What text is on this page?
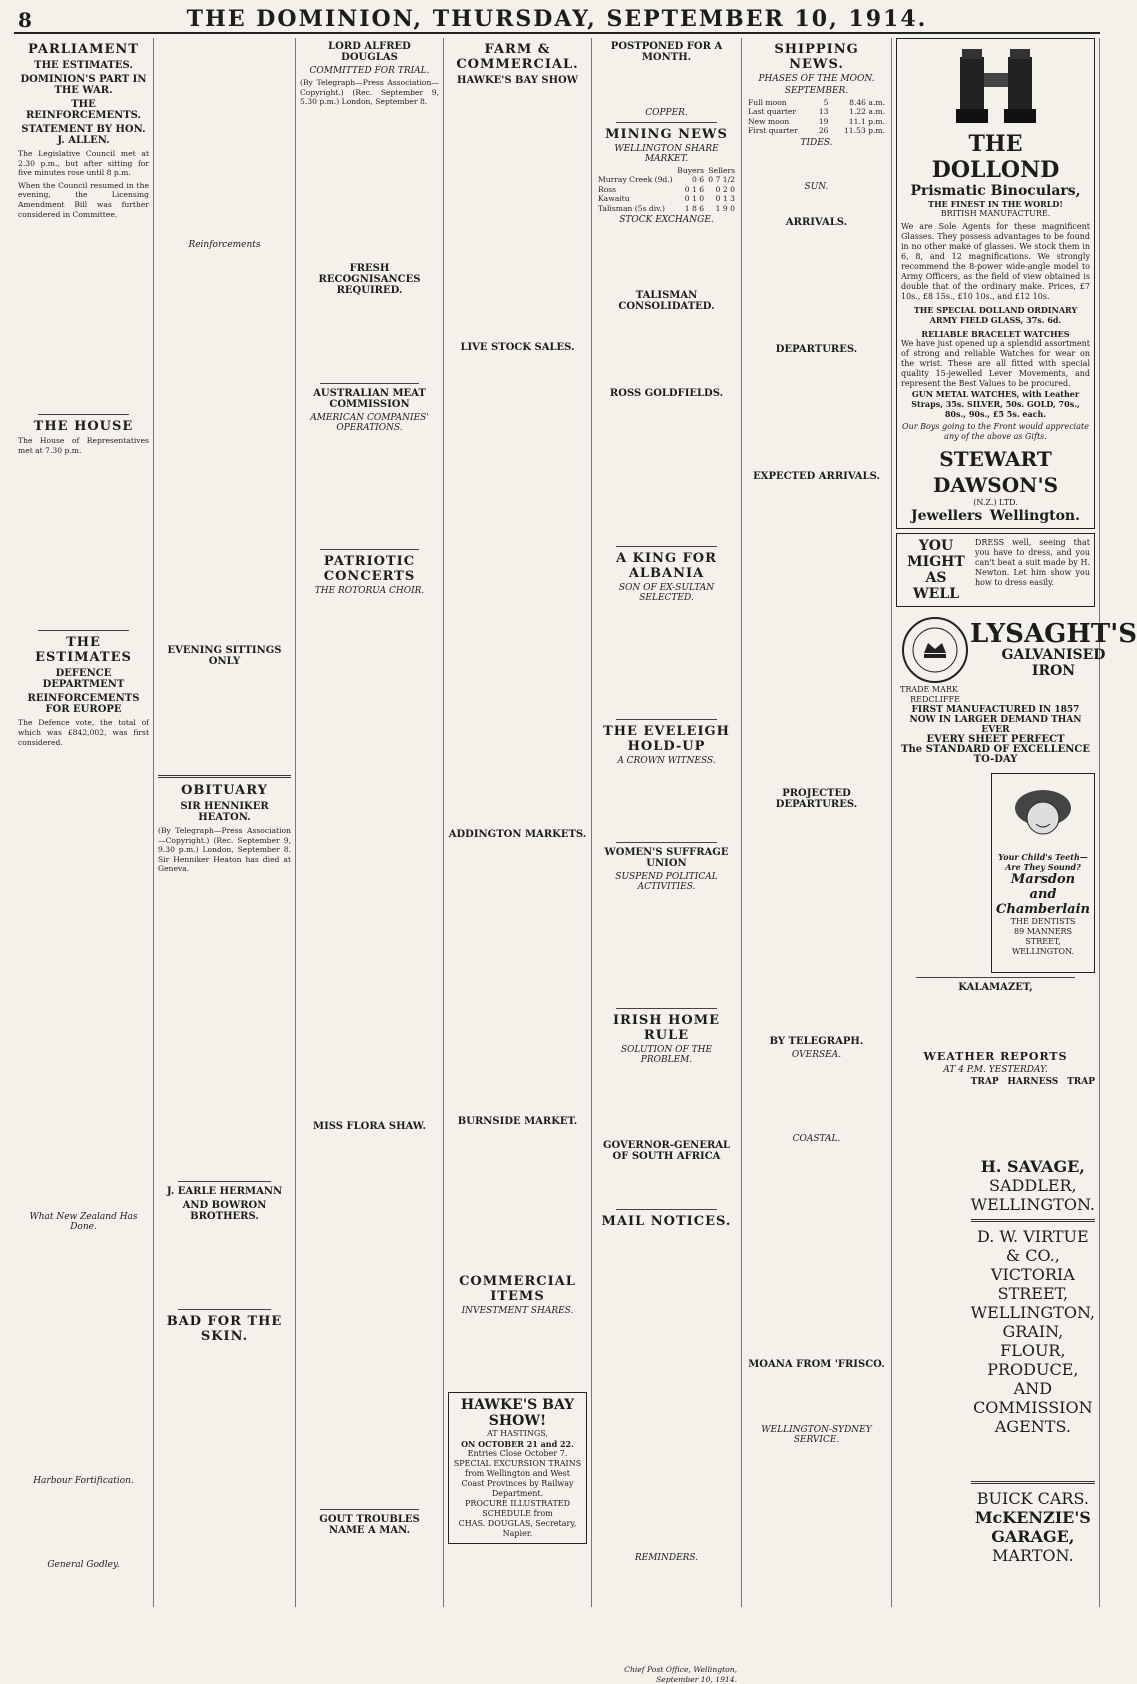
8	THE DOMINION, THURSDAY, SEPTEMBER 10, 1914.
PARLIAMENT
THE ESTIMATES.
DOMINION'S PART IN THE WAR.
THE REINFORCEMENTS.
STATEMENT BY HON. J. ALLEN.

The Legislative Council met at 2.30 p.m., but after sitting for five minutes rose until 8 p.m.

When the Council resumed in the evening, the Licensing Amendment Bill was further considered in Committee.

THE HOUSE

The House of Representatives met at 7.30 p.m.

THE ESTIMATES
DEFENCE DEPARTMENT
REINFORCEMENTS FOR EUROPE

The Defence vote, the total of which was £842,002, was first considered.

What New Zealand Has Done.
Harbour Fortification.
General Godley.
Reinforcements
EVENING SITTINGS ONLY
OBITUARY
SIR HENNIKER HEATON.

(By Telegraph—Press Association—Copyright.) (Rec. September 9, 9.30 p.m.) London, September 8. Sir Henniker Heaton has died at Geneva.

J. EARLE HERMANN
AND BOWRON BROTHERS.
BAD FOR THE SKIN.
LORD ALFRED DOUGLAS
COMMITTED FOR TRIAL.

(By Telegraph—Press Association—Copyright.) (Rec. September 9, 5.30 p.m.) London, September 8.

FRESH RECOGNISANCES REQUIRED.
AUSTRALIAN MEAT COMMISSION
AMERICAN COMPANIES' OPERATIONS.
PATRIOTIC CONCERTS
THE ROTORUA CHOIR.
MISS FLORA SHAW.
GOUT TROUBLES NAME A MAN.
FARM & COMMERCIAL.
HAWKE'S BAY SHOW
LIVE STOCK SALES.
ADDINGTON MARKETS.
BURNSIDE MARKET.
COMMERCIAL ITEMS
INVESTMENT SHARES.
HAWKE'S BAY SHOW!
AT HASTINGS,
ON OCTOBER 21 and 22.
Entries Close October 7.
SPECIAL EXCURSION TRAINS from Wellington and West Coast Provinces by Railway Department.
PROCURE ILLUSTRATED SCHEDULE from
CHAS. DOUGLAS, Secretary, Napier.
POSTPONED FOR A MONTH.
COPPER.
MINING NEWS
WELLINGTON SHARE MARKET.
	Buyers	Sellers
Murray Creek (9d.)	0 6	0 7 1/2
Ross	0 1 6	0 2 0
Kawaitu	0 1 0	0 1 3
Talisman (5s div.)	1 8 6	1 9 0
STOCK EXCHANGE.
TALISMAN CONSOLIDATED.
ROSS GOLDFIELDS.
A KING FOR ALBANIA
SON OF EX-SULTAN SELECTED.
THE EVELEIGH HOLD-UP
A CROWN WITNESS.
WOMEN'S SUFFRAGE UNION
SUSPEND POLITICAL ACTIVITIES.
IRISH HOME RULE
SOLUTION OF THE PROBLEM.
GOVERNOR-GENERAL OF SOUTH AFRICA
MAIL NOTICES.
REMINDERS.
Chief Post Office, Wellington, September 10, 1914.
SHIPPING NEWS.
PHASES OF THE MOON.
SEPTEMBER.
Full moon	5	8.46 a.m.
Last quarter	13	1.22 a.m.
New moon	19	11.1 p.m.
First quarter	26	11.53 p.m.
TIDES.
SUN.
ARRIVALS.
DEPARTURES.
EXPECTED ARRIVALS.
PROJECTED DEPARTURES.
BY TELEGRAPH.
OVERSEA.
COASTAL.
MOANA FROM 'FRISCO.
WELLINGTON-SYDNEY SERVICE.
THE DOLLOND
Prismatic Binoculars,
THE FINEST IN THE WORLD!
BRITISH MANUFACTURE.
We are Sole Agents for these magnificent Glasses. They possess advantages to be found in no other make of glasses. We stock them in 6, 8, and 12 magnifications. We strongly recommend the 8-power wide-angle model to Army Officers, as the field of view obtained is double that of the ordinary make. Prices, £7 10s., £8 15s., £10 10s., and £12 10s.
THE SPECIAL DOLLAND ORDINARY ARMY FIELD GLASS, 37s. 6d.
RELIABLE BRACELET WATCHES
We have just opened up a splendid assortment of strong and reliable Watches for wear on the wrist. These are all fitted with special quality 15-jewelled Lever Movements, and represent the Best Values to be procured.
GUN METAL WATCHES, with Leather Straps, 35s. SILVER, 50s. GOLD, 70s., 80s., 90s., £5 5s. each.
Our Boys going to the Front would appreciate any of the above as Gifts.
STEWART DAWSON'S
(N.Z.) LTD.
Jewellers Wellington.
YOU
MIGHT
AS WELL
DRESS well, seeing that you have to dress, and you can't beat a suit made by H. Newton. Let him show you how to dress easily.
LYSAGHT'S
GALVANISED
IRON
TRADE MARK
REDCLIFFE
FIRST MANUFACTURED IN 1857
NOW IN LARGER DEMAND THAN EVER
EVERY SHEET PERFECT
The STANDARD OF EXCELLENCE TO-DAY
Your Child's Teeth—
Are They Sound?
Marsdon and
Chamberlain
THE DENTISTS
89 MANNERS STREET, WELLINGTON.
KALAMAZET,
WEATHER REPORTS
AT 4 P.M. YESTERDAY.
TRAP HARNESS TRAP
H. SAVAGE,
SADDLER,
WELLINGTON.
D. W. VIRTUE
& CO.,
VICTORIA STREET, WELLINGTON, GRAIN, FLOUR, PRODUCE, AND COMMISSION AGENTS.
BUICK CARS.
McKENZIE'S GARAGE,
MARTON.
